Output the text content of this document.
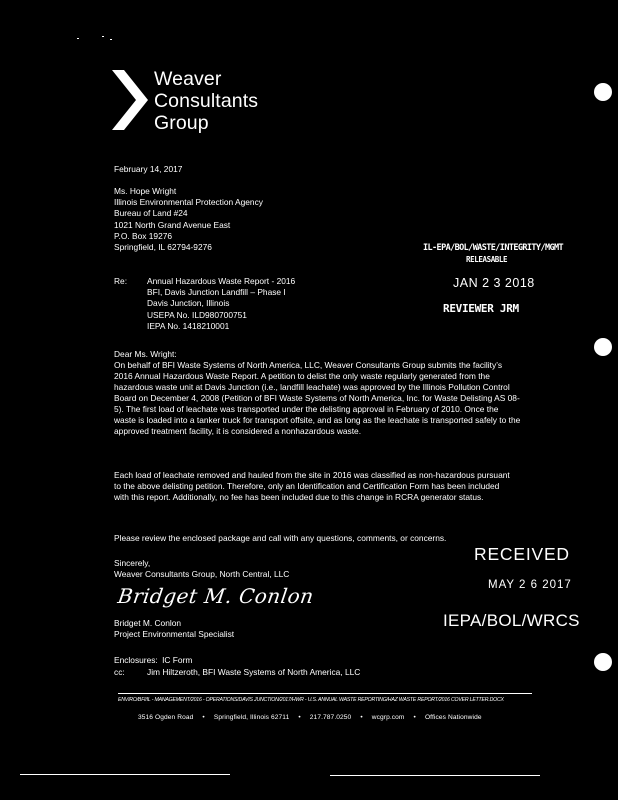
Weaver
Consultants
Group
February 14, 2017
Ms. Hope Wright
Illinois Environmental Protection Agency
Bureau of Land #24
1021 North Grand Avenue East
P.O. Box 19276
Springfield, IL 62794-9276
Re: Annual Hazardous Waste Report - 2016
BFI, Davis Junction Landfill – Phase I
Davis Junction, Illinois
USEPA No. ILD980700751
IEPA No. 1418210001
IL-EPA/BOL/WASTE/INTEGRITY/MGMT
RELEASABLE
JAN 2 3 2018
REVIEWER JRM
Dear Ms. Wright:
On behalf of BFI Waste Systems of North America, LLC, Weaver Consultants Group submits the facility’s 2016 Annual Hazardous Waste Report. A petition to delist the only waste regularly generated from the hazardous waste unit at Davis Junction (i.e., landfill leachate) was approved by the Illinois Pollution Control Board on December 4, 2008 (Petition of BFI Waste Systems of North America, Inc. for Waste Delisting AS 08-5). The first load of leachate was transported under the delisting approval in February of 2010. Once the waste is loaded into a tanker truck for transport offsite, and as long as the leachate is transported safely to the approved treatment facility, it is considered a nonhazardous waste.
Each load of leachate removed and hauled from the site in 2016 was classified as non-hazardous pursuant to the above delisting petition. Therefore, only an Identification and Certification Form has been included with this report. Additionally, no fee has been included due to this change in RCRA generator status.
Please review the enclosed package and call with any questions, comments, or concerns.
RECEIVED
MAY 2 6 2017
IEPA/BOL/WRCS
Sincerely,
Weaver Consultants Group, North Central, LLC
Bridget M. Conlon
Bridget M. Conlon
Project Environmental Specialist
Enclosures: IC Form
cc:	Jim Hiltzeroth, BFI Waste Systems of North America, LLC
ENVIRO/BFI/IL - MANAGEMENT/2016 - OPERATIONS/DAVIS JUNCTION/2017/HWR - U.S. ANNUAL WASTE REPORTING/HAZ WASTE REPORT/2016 COVER LETTER.DOCX
3516 Ogden Road • Springfield, Illinois 62711 • 217.787.0250 • wcgrp.com • Offices Nationwide
